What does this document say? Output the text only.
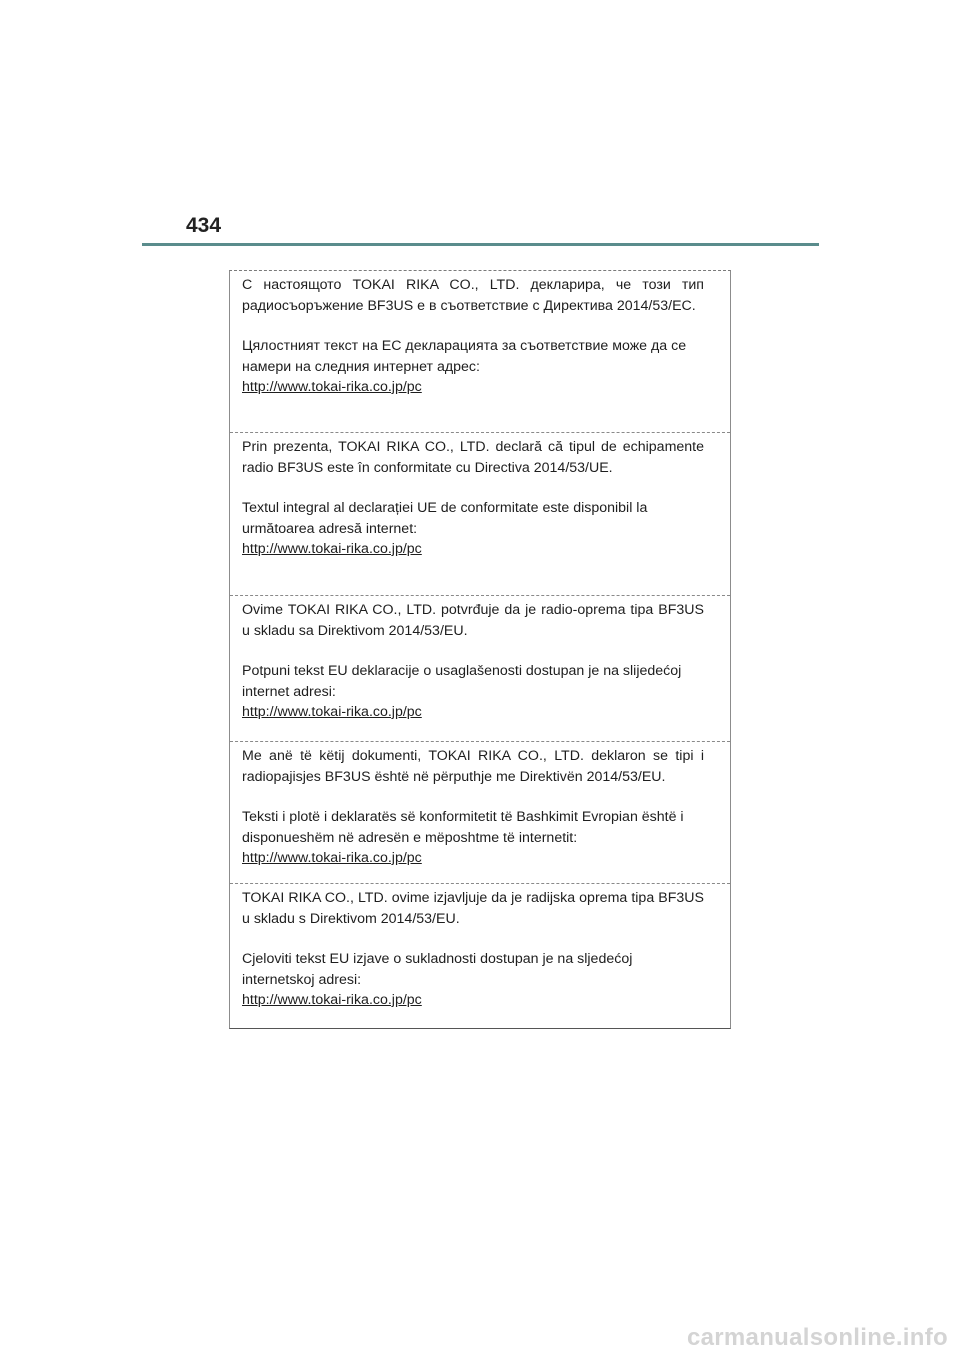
434

С настоящото TOKAI RIKA CO., LTD. декларира, че този тип радиосъоръжение BF3US е в съответствие с Директива 2014/53/ЕС.

Цялостният текст на ЕС декларацията за съответствие може да се намери на следния интернет адрес:

http://www.tokai-rika.co.jp/pc

Prin prezenta, TOKAI RIKA CO., LTD. declară că tipul de echipamente radio BF3US este în conformitate cu Directiva 2014/53/UE.

Textul integral al declarației UE de conformitate este disponibil la următoarea adresă internet:

http://www.tokai-rika.co.jp/pc

Ovime TOKAI RIKA CO., LTD. potvrđuje da je radio-oprema tipa BF3US u skladu sa Direktivom 2014/53/EU.

Potpuni tekst EU deklaracije o usaglašenosti dostupan je na slijedećoj internet adresi:

http://www.tokai-rika.co.jp/pc

Me anë të këtij dokumenti, TOKAI RIKA CO., LTD. deklaron se tipi i radiopajisjes BF3US është në përputhje me Direktivën 2014/53/EU.

Teksti i plotë i deklaratës së konformitetit të Bashkimit Evropian është i disponueshëm në adresën e mëposhtme të internetit:

http://www.tokai-rika.co.jp/pc

TOKAI RIKA CO., LTD. ovime izjavljuje da je radijska oprema tipa BF3US u skladu s Direktivom 2014/53/EU.

Cjeloviti tekst EU izjave o sukladnosti dostupan je na sljedećoj internetskoj adresi:

http://www.tokai-rika.co.jp/pc
carmanualsonline.info
